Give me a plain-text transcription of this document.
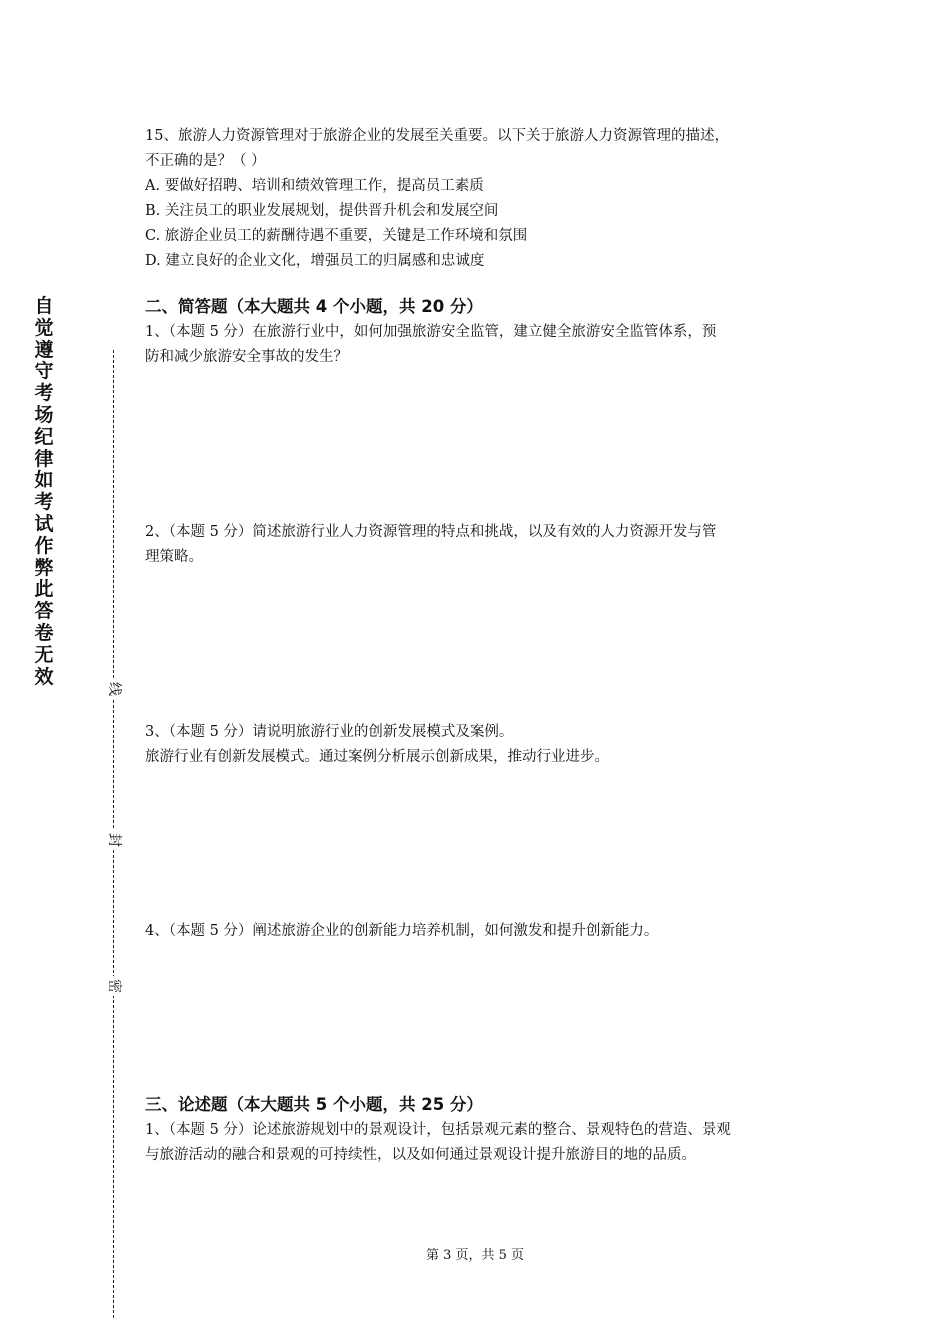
自觉遵守考场纪律如考试作弊此答卷无效
线
封
密

15、旅游人力资源管理对于旅游企业的发展至关重要。以下关于旅游人力资源管理的描述，

不正确的是？（ ）

A. 要做好招聘、培训和绩效管理工作，提高员工素质

B. 关注员工的职业发展规划，提供晋升机会和发展空间

C. 旅游企业员工的薪酬待遇不重要，关键是工作环境和氛围

D. 建立良好的企业文化，增强员工的归属感和忠诚度

二、简答题（本大题共 4 个小题，共 20 分）

1、（本题 5 分）在旅游行业中，如何加强旅游安全监管，建立健全旅游安全监管体系，预

防和减少旅游安全事故的发生？

2、（本题 5 分）简述旅游行业人力资源管理的特点和挑战，以及有效的人力资源开发与管

理策略。

3、（本题 5 分）请说明旅游行业的创新发展模式及案例。

旅游行业有创新发展模式。通过案例分析展示创新成果，推动行业进步。

4、（本题 5 分）阐述旅游企业的创新能力培养机制，如何激发和提升创新能力。

三、论述题（本大题共 5 个小题，共 25 分）

1、（本题 5 分）论述旅游规划中的景观设计，包括景观元素的整合、景观特色的营造、景观

与旅游活动的融合和景观的可持续性，以及如何通过景观设计提升旅游目的地的品质。

第 3 页，共 5 页
